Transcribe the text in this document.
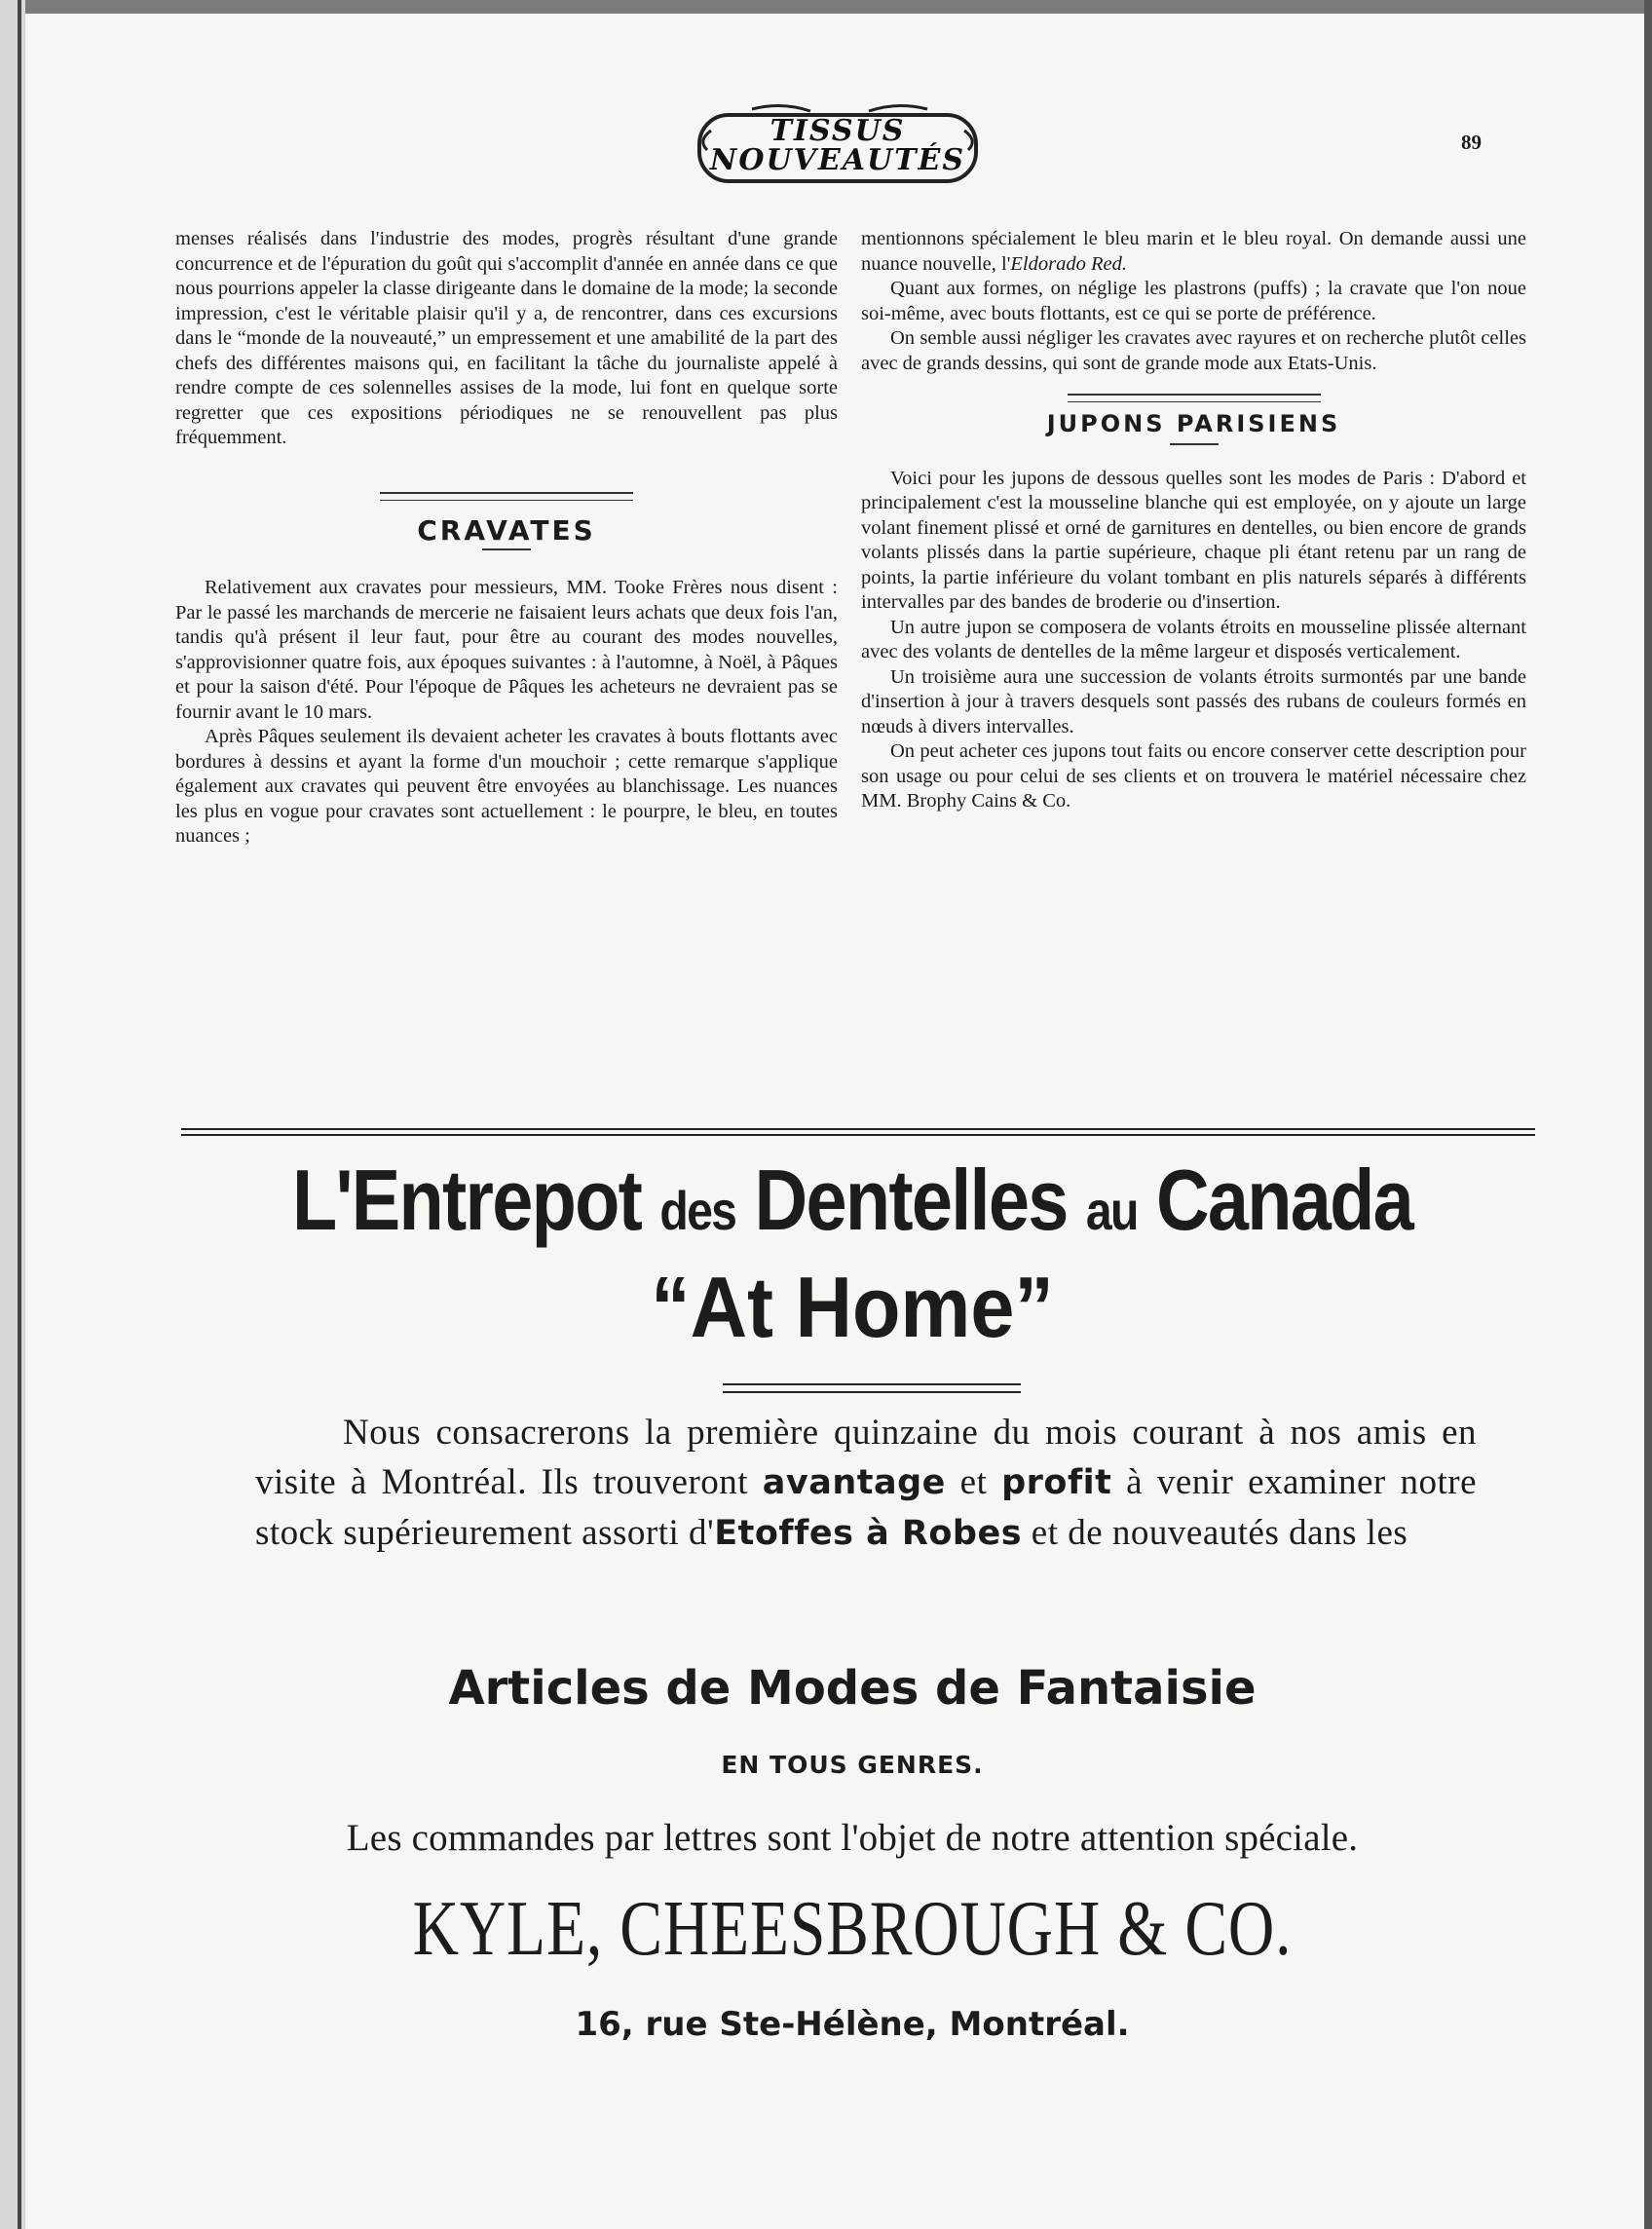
TISSUS
NOUVEAUTÉS
89

menses réalisés dans l'industrie des modes, progrès résultant d'une grande concurrence et de l'épuration du goût qui s'accomplit d'année en année dans ce que nous pourrions appeler la classe dirigeante dans le domaine de la mode; la seconde impression, c'est le véritable plaisir qu'il y a, de rencontrer, dans ces excursions dans le “monde de la nouveauté,” un empressement et une amabilité de la part des chefs des différentes maisons qui, en facilitant la tâche du journaliste appelé à rendre compte de ces solennelles assises de la mode, lui font en quelque sorte regretter que ces expositions périodiques ne se renouvellent pas plus fréquemment.

CRAVATES

Relativement aux cravates pour messieurs, MM. Tooke Frères nous disent : Par le passé les marchands de mercerie ne faisaient leurs achats que deux fois l'an, tandis qu'à présent il leur faut, pour être au courant des modes nouvelles, s'approvisionner quatre fois, aux époques suivantes : à l'automne, à Noël, à Pâques et pour la saison d'été. Pour l'époque de Pâques les acheteurs ne devraient pas se fournir avant le 10 mars.

Après Pâques seulement ils devaient acheter les cravates à bouts flottants avec bordures à dessins et ayant la forme d'un mouchoir ; cette remarque s'applique également aux cravates qui peuvent être envoyées au blanchissage. Les nuances les plus en vogue pour cravates sont actuellement : le pourpre, le bleu, en toutes nuances ;

mentionnons spécialement le bleu marin et le bleu royal. On demande aussi une nuance nouvelle, l'Eldorado Red.

Quant aux formes, on néglige les plastrons (puffs) ; la cravate que l'on noue soi-même, avec bouts flottants, est ce qui se porte de préférence.

On semble aussi négliger les cravates avec rayures et on recherche plutôt celles avec de grands dessins, qui sont de grande mode aux Etats-Unis.

JUPONS PARISIENS

Voici pour les jupons de dessous quelles sont les modes de Paris : D'abord et principalement c'est la mousseline blanche qui est employée, on y ajoute un large volant finement plissé et orné de garnitures en dentelles, ou bien encore de grands volants plissés dans la partie supérieure, chaque pli étant retenu par un rang de points, la partie inférieure du volant tombant en plis naturels séparés à différents intervalles par des bandes de broderie ou d'insertion.

Un autre jupon se composera de volants étroits en mousseline plissée alternant avec des volants de dentelles de la même largeur et disposés verticalement.

Un troisième aura une succession de volants étroits surmontés par une bande d'insertion à jour à travers desquels sont passés des rubans de couleurs formés en nœuds à divers intervalles.

On peut acheter ces jupons tout faits ou encore conserver cette description pour son usage ou pour celui de ses clients et on trouvera le matériel nécessaire chez MM. Brophy Cains & Co.

L'Entrepot des Dentelles au Canada
“At Home”

Nous consacrerons la première quinzaine du mois courant à nos amis en visite à Montréal. Ils trouveront avantage et profit à venir examiner notre stock supérieurement assorti d'Etoffes à Robes et de nouveautés dans les

Articles de Modes de Fantaisie
EN TOUS GENRES.
Les commandes par lettres sont l'objet de notre attention spéciale.
KYLE, CHEESBROUGH & CO.
16, rue Ste-Hélène, Montréal.
